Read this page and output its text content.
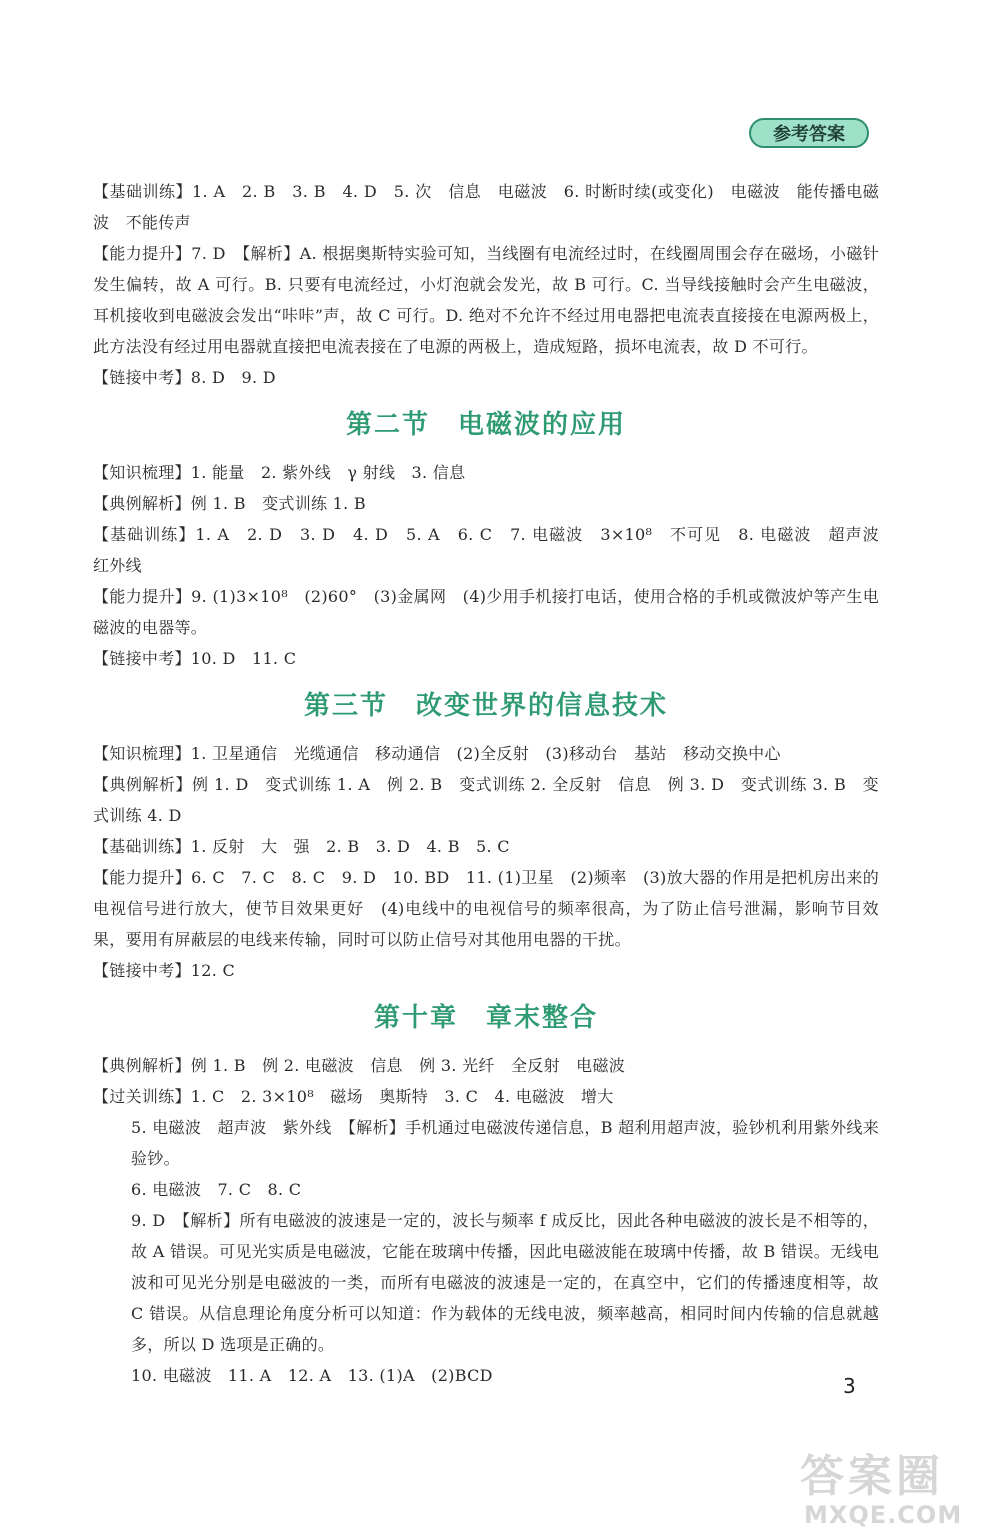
参考答案

【基础训练】1. A　2. B　3. B　4. D　5. 次　信息　电磁波　6. 时断时续(或变化)　电磁波　能传播电磁波　不能传声

【能力提升】7. D　【解析】A. 根据奥斯特实验可知，当线圈有电流经过时，在线圈周围会存在磁场，小磁针发生偏转，故 A 可行。B. 只要有电流经过，小灯泡就会发光，故 B 可行。C. 当导线接触时会产生电磁波，耳机接收到电磁波会发出“咔咔”声，故 C 可行。D. 绝对不允许不经过用电器把电流表直接接在电源两极上，此方法没有经过用电器就直接把电流表接在了电源的两极上，造成短路，损坏电流表，故 D 不可行。

【链接中考】8. D　9. D

第二节　电磁波的应用

【知识梳理】1. 能量　2. 紫外线　γ 射线　3. 信息

【典例解析】例 1. B　变式训练 1. B

【基础训练】1. A　2. D　3. D　4. D　5. A　6. C　7. 电磁波　3×10⁸　不可见　8. 电磁波　超声波　红外线

【能力提升】9. (1)3×10⁸　(2)60°　(3)金属网　(4)少用手机接打电话，使用合格的手机或微波炉等产生电磁波的电器等。

【链接中考】10. D　11. C

第三节　改变世界的信息技术

【知识梳理】1. 卫星通信　光缆通信　移动通信　(2)全反射　(3)移动台　基站　移动交换中心

【典例解析】例 1. D　变式训练 1. A　例 2. B　变式训练 2. 全反射　信息　例 3. D　变式训练 3. B　变式训练 4. D

【基础训练】1. 反射　大　强　2. B　3. D　4. B　5. C

【能力提升】6. C　7. C　8. C　9. D　10. BD　11. (1)卫星　(2)频率　(3)放大器的作用是把机房出来的电视信号进行放大，使节目效果更好　(4)电线中的电视信号的频率很高，为了防止信号泄漏，影响节目效果，要用有屏蔽层的电线来传输，同时可以防止信号对其他用电器的干扰。

【链接中考】12. C

第十章　章末整合

【典例解析】例 1. B　例 2. 电磁波　信息　例 3. 光纤　全反射　电磁波

【过关训练】1. C　2. 3×10⁸　磁场　奥斯特　3. C　4. 电磁波　增大

5. 电磁波　超声波　紫外线　【解析】手机通过电磁波传递信息，B 超利用超声波，验钞机利用紫外线来验钞。

6. 电磁波　7. C　8. C

9. D　【解析】所有电磁波的波速是一定的，波长与频率 f 成反比，因此各种电磁波的波长是不相等的，故 A 错误。可见光实质是电磁波，它能在玻璃中传播，因此电磁波能在玻璃中传播，故 B 错误。无线电波和可见光分别是电磁波的一类，而所有电磁波的波速是一定的，在真空中，它们的传播速度相等，故 C 错误。从信息理论角度分析可以知道：作为载体的无线电波，频率越高，相同时间内传输的信息就越多，所以 D 选项是正确的。

10. 电磁波　11. A　12. A　13. (1)A　(2)BCD	3
答案圈
MXQE.COM
